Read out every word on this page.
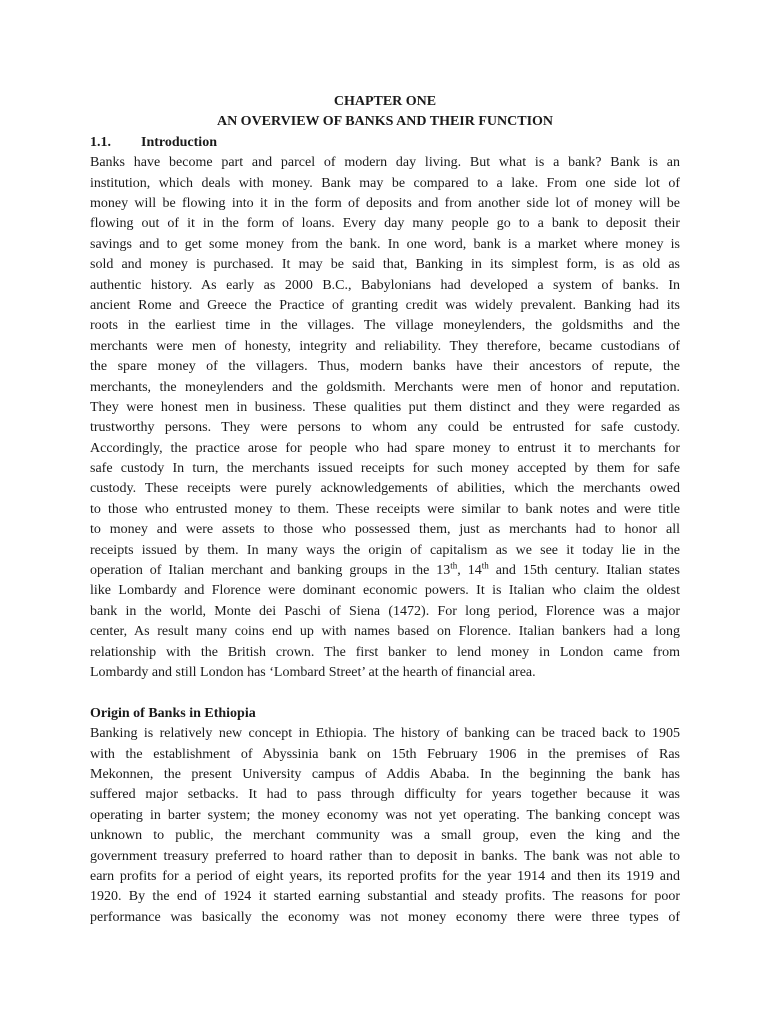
CHAPTER ONE

AN OVERVIEW OF BANKS AND THEIR FUNCTION

1.1.	Introduction
Banks have become part and parcel of modern day living. But what is a bank? Bank is an
institution, which deals with money. Bank may be compared to a lake. From one side lot of
money will be flowing into it in the form of deposits and from another side lot of money will be
flowing out of it in the form of loans. Every day many people go to a bank to deposit their
savings and to get some money from the bank. In one word, bank is a market where money is
sold and money is purchased. It may be said that, Banking in its simplest form, is as old as
authentic history. As early as 2000 B.C., Babylonians had developed a system of banks. In
ancient Rome and Greece the Practice of granting credit was widely prevalent. Banking had its
roots in the earliest time in the villages. The village moneylenders, the goldsmiths and the
merchants were men of honesty, integrity and reliability. They therefore, became custodians of
the spare money of the villagers. Thus, modern banks have their ancestors of repute, the
merchants, the moneylenders and the goldsmith. Merchants were men of honor and reputation.
They were honest men in business. These qualities put them distinct and they were regarded as
trustworthy persons. They were persons to whom any could be entrusted for safe custody.
Accordingly, the practice arose for people who had spare money to entrust it to merchants for
safe custody In turn, the merchants issued receipts for such money accepted by them for safe
custody. These receipts were purely acknowledgements of abilities, which the merchants owed
to those who entrusted money to them. These receipts were similar to bank notes and were title
to money and were assets to those who possessed them, just as merchants had to honor all
receipts issued by them. In many ways the origin of capitalism as we see it today lie in the
operation of Italian merchant and banking groups in the 13th, 14th and 15th century. Italian states
like Lombardy and Florence were dominant economic powers. It is Italian who claim the oldest
bank in the world, Monte dei Paschi of Siena (1472). For long period, Florence was a major
center, As result many coins end up with names based on Florence. Italian bankers had a long
relationship with the British crown. The first banker to lend money in London came from
Lombardy and still London has ‘Lombard Street’ at the hearth of financial area.

Origin of Banks in Ethiopia

Banking is relatively new concept in Ethiopia. The history of banking can be traced back to 1905
with the establishment of Abyssinia bank on 15th February 1906 in the premises of Ras
Mekonnen, the present University campus of Addis Ababa. In the beginning the bank has
suffered major setbacks. It had to pass through difficulty for years together because it was
operating in barter system; the money economy was not yet operating. The banking concept was
unknown to public, the merchant community was a small group, even the king and the
government treasury preferred to hoard rather than to deposit in banks. The bank was not able to
earn profits for a period of eight years, its reported profits for the year 1914 and then its 1919 and
1920. By the end of 1924 it started earning substantial and steady profits. The reasons for poor
performance was basically the economy was not money economy there were three types of
